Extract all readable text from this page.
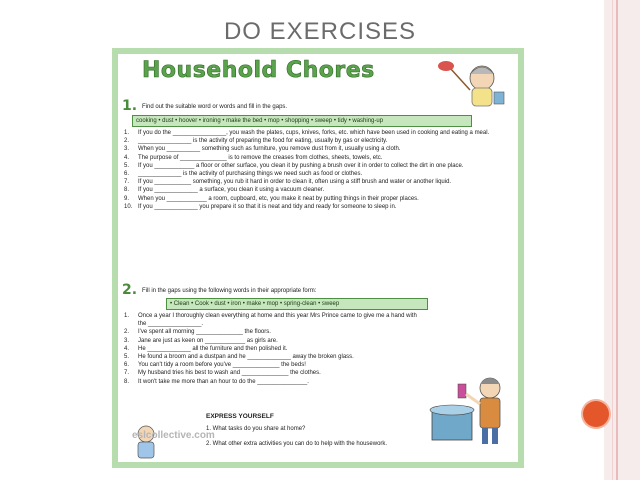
DO EXERCISES
Household Chores
1. Find out the suitable word or words and fill in the gaps.
cooking • dust • hoover • ironing • make the bed • mop • shopping • sweep • tidy • washing-up
1.	If you do the ________________, you wash the plates, cups, knives, forks, etc. which have been used in cooking and eating a meal.
2.	________________ is the activity of preparing the food for eating, usually by gas or electricity.
3.	When you __________ something such as furniture, you remove dust from it, usually using a cloth.
4.	The purpose of ______________ is to remove the creases from clothes, sheets, towels, etc.
5.	If you ____________ a floor or other surface, you clean it by pushing a brush over it in order to collect the dirt in one place.
6.	_____________ is the activity of purchasing things we need such as food or clothes.
7.	If you ___________ something, you rub it hard in order to clean it, often using a stiff brush and water or another liquid.
8.	If you _____________ a surface, you clean it using a vacuum cleaner.
9.	When you ____________ a room, cupboard, etc, you make it neat by putting things in their proper places.
10. If you _____________ you prepare it so that it is neat and tidy and ready for someone to sleep in.
2. Fill in the gaps using the following words in their appropriate form:
• Clean • Cook • dust • iron • make • mop • spring-clean • sweep
1.	Once a year I thoroughly clean everything at home and this year Mrs Prince came to give me a hand with the ________________.
2.	I've spent all morning ______________ the floors.
3.	Jane are just as keen on ____________ as girls are.
4.	He _____________ all the furniture and then polished it.
5.	He found a broom and a dustpan and he _____________ away the broken glass.
6.	You can't tidy a room before you've ______________ the beds!
7.	My husband tries his best to wash and ______________ the clothes.
8.	It won't take me more than an hour to do the _______________.
EXPRESS YOURSELF
1. What tasks do you share at home?
2. What other extra activities you can do to help with the housework.
eslcollective.com
